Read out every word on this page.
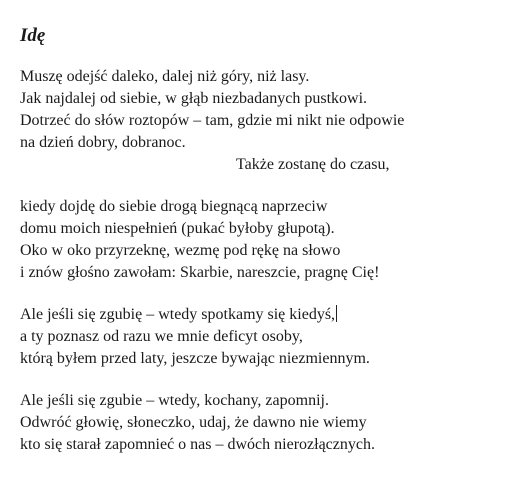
Idę
Muszę odejść daleko, dalej niż góry, niż lasy.
Jak najdalej od siebie, w głąb niezbadanych pustkowi.
Dotrzeć do słów roztopów – tam, gdzie mi nikt nie odpowie
na dzień dobry, dobranoc.
Także zostanę do czasu,
kiedy dojdę do siebie drogą biegnącą naprzeciw
domu moich niespełnień (pukać byłoby głupotą).
Oko w oko przyrzeknę, wezmę pod rękę na słowo
i znów głośno zawołam: Skarbie, nareszcie, pragnę Cię!
Ale jeśli się zgubię – wtedy spotkamy się kiedyś,
a ty poznasz od razu we mnie deficyt osoby,
którą byłem przed laty, jeszcze bywając niezmiennym.
Ale jeśli się zgubie – wtedy, kochany, zapomnij.
Odwróć głowię, słoneczko, udaj, że dawno nie wiemy
kto się starał zapomnieć o nas – dwóch nierozłącznych.
